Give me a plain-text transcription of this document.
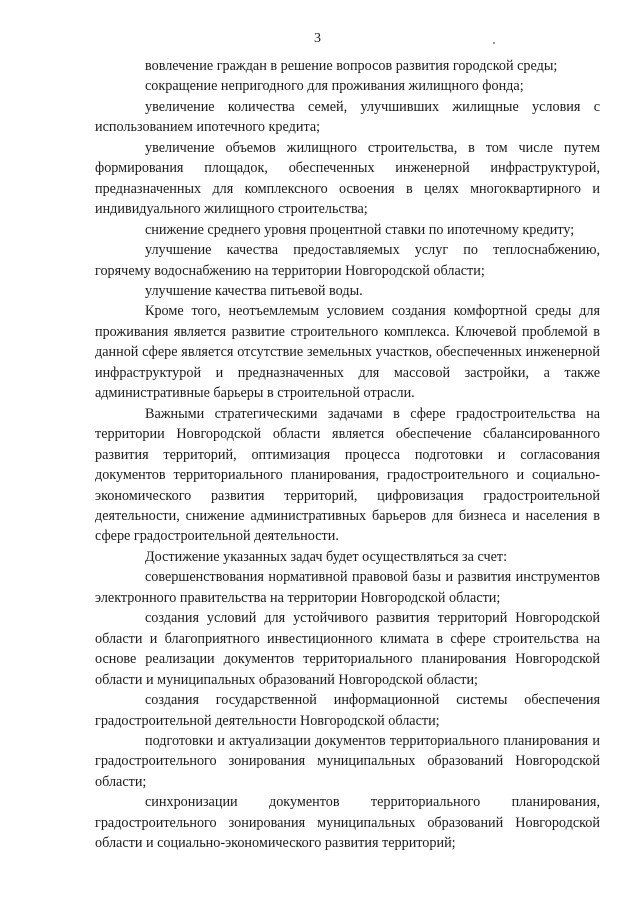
3

вовлечение граждан в решение вопросов развития городской среды;

сокращение непригодного для проживания жилищного фонда;

увеличение количества семей, улучшивших жилищные условия с использованием ипотечного кредита;

увеличение объемов жилищного строительства, в том числе путем формирования площадок, обеспеченных инженерной инфраструктурой, предназначенных для комплексного освоения в целях многоквартирного и индивидуального жилищного строительства;

снижение среднего уровня процентной ставки по ипотечному кредиту;

улучшение качества предоставляемых услуг по теплоснабжению, горячему водоснабжению на территории Новгородской области;

улучшение качества питьевой воды.

Кроме того, неотъемлемым условием создания комфортной среды для проживания является развитие строительного комплекса. Ключевой проблемой в данной сфере является отсутствие земельных участков, обеспеченных инженерной инфраструктурой и предназначенных для массовой застройки, а также административные барьеры в строительной отрасли.

Важными стратегическими задачами в сфере градостроительства на территории Новгородской области является обеспечение сбалансированного развития территорий, оптимизация процесса подготовки и согласования документов территориального планирования, градостроительного и социально-экономического развития территорий, цифровизация градостроительной деятельности, снижение административных барьеров для бизнеса и населения в сфере градостроительной деятельности.

Достижение указанных задач будет осуществляться за счет:

совершенствования нормативной правовой базы и развития инструментов электронного правительства на территории Новгородской области;

создания условий для устойчивого развития территорий Новгородской области и благоприятного инвестиционного климата в сфере строительства на основе реализации документов территориального планирования Новгородской области и муниципальных образований Новгородской области;

создания государственной информационной системы обеспечения градостроительной деятельности Новгородской области;

подготовки и актуализации документов территориального планирования и градостроительного зонирования муниципальных образований Новгородской области;

синхронизации документов территориального планирования, градостроительного зонирования муниципальных образований Новгородской области и социально-экономического развития территорий;
